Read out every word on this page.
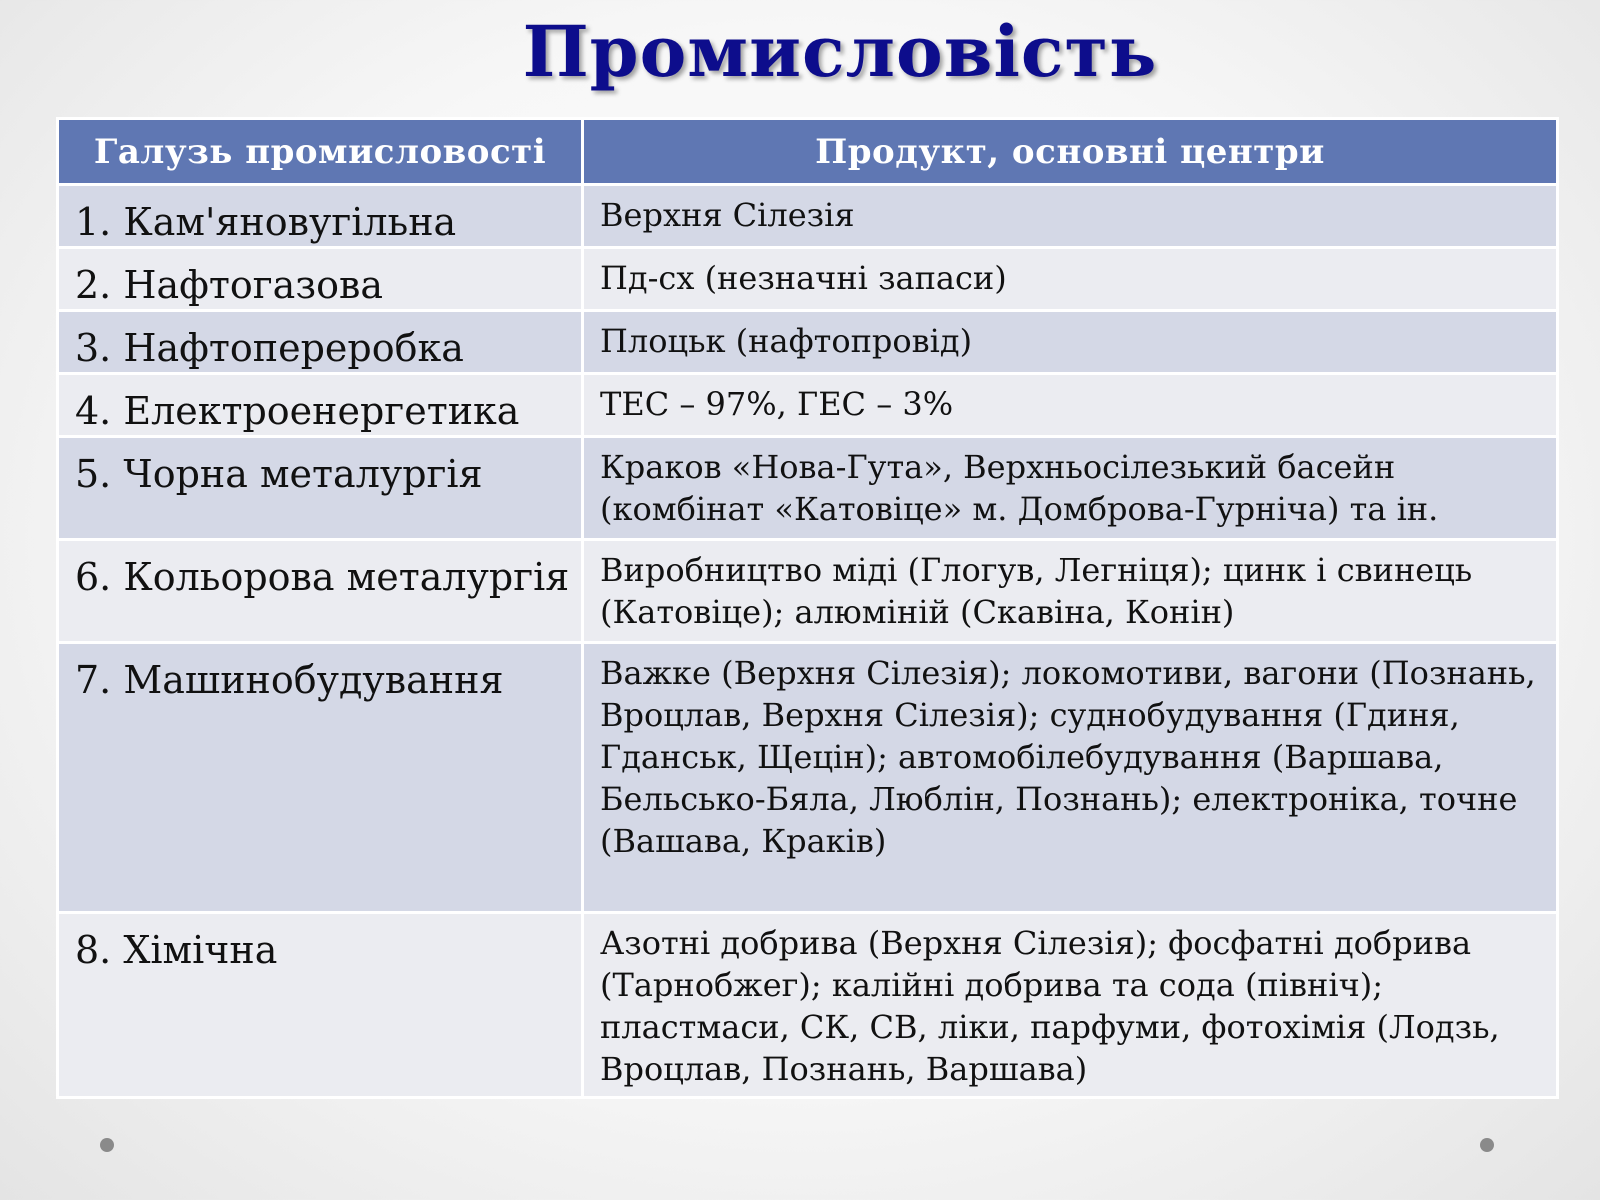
Промисловість
Галузь промисловості	Продукт, основні центри
1. Кам'яновугільна	Верхня Сілезія
2. Нафтогазова	Пд-сх (незначні запаси)
3. Нафтопереробка	Плоцьк (нафтопровід)
4. Електроенергетика	ТЕС – 97%, ГЕС – 3%
5. Чорна металургія	Краков «Нова-Гута», Верхньосілезький басейн (комбінат «Катовіце» м. Домброва-Гурніча) та ін.
6. Кольорова металургія	Виробництво міді (Глогув, Легніця); цинк і свинець (Катовіце); алюміній (Скавіна, Конін)
7. Машинобудування	Важке (Верхня Сілезія); локомотиви, вагони (Познань, Вроцлав, Верхня Сілезія); суднобудування (Гдиня, Гданськ, Щецін); автомобілебудування (Варшава, Бельсько-Бяла, Люблін, Познань); електроніка, точне (Вашава, Краків)
8. Хімічна	Азотні добрива (Верхня Сілезія); фосфатні добрива (Тарнобжег); калійні добрива та сода (північ); пластмаси, СК, СВ, ліки, парфуми, фотохімія (Лодзь, Вроцлав, Познань, Варшава)
